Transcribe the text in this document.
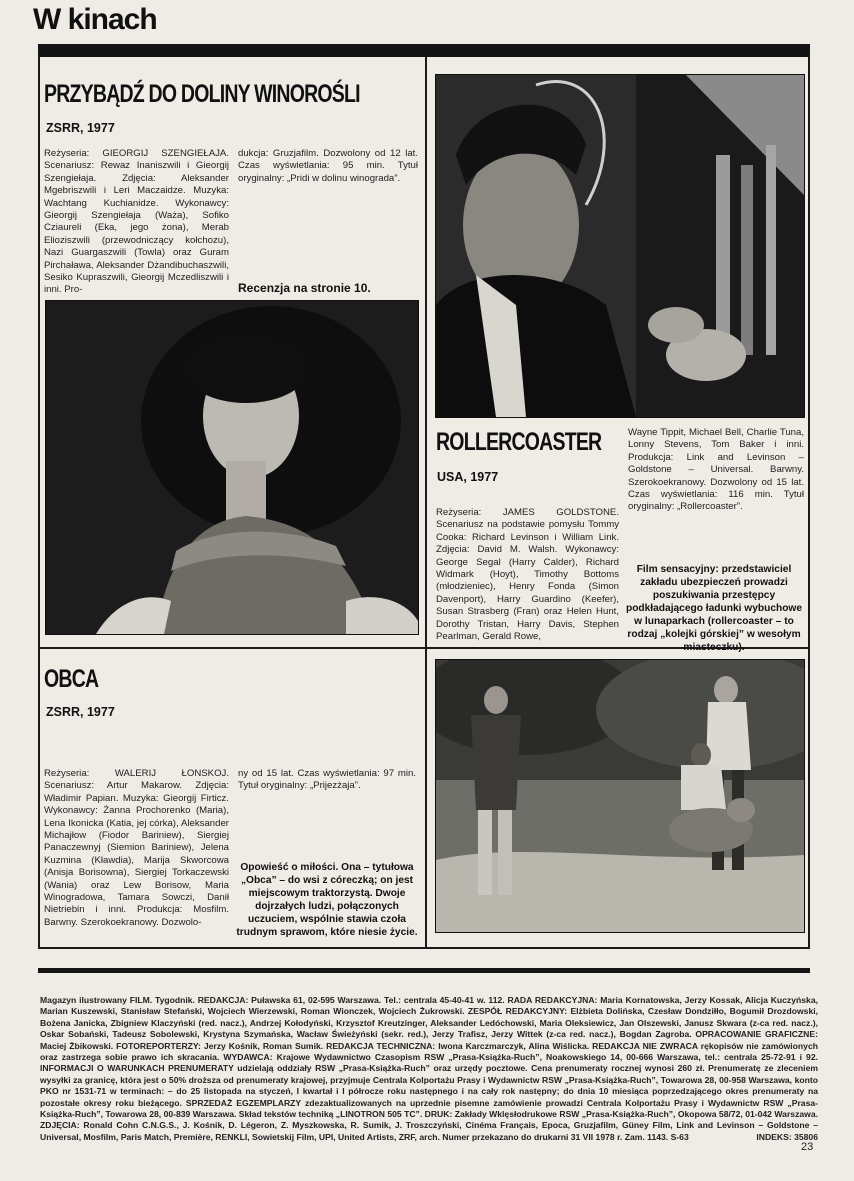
W kinach
PRZYBĄDŹ DO DOLINY WINOROŚLI
ZSRR, 1977
Reżyseria: GIEORGIJ SZENGIEŁAJA. Scenariusz: Rewaz Inaniszwili i Gieorgij Szengiełaja. Zdjęcia: Aleksander Mgebriszwili i Leri Maczaidze. Muzyka: Wachtang Kuchianidze. Wykonawcy: Gieorgij Szengiełaja (Waża), Sofiko Cziaureli (Eka, jego żona), Merab Elioziszwili (przewodniczący kołchozu), Nazi Guargaszwili (Towla) oraz Guram Pirchaława, Aleksander Dżandibuchaszwili, Sesiko Kupraszwili, Gieorgij Mczedliszwili i inni. Pro-
dukcja: Gruzjafilm. Dozwolony od 12 lat. Czas wyświetlania: 95 min. Tytuł oryginalny: „Pridi w dolinu winograda”.
Recenzja na stronie 10.
ROLLERCOASTER
USA, 1977
Reżyseria: JAMES GOLDSTONE. Scenariusz na podstawie pomysłu Tommy Cooka: Richard Levinson i William Link. Zdjęcia: David M. Walsh. Wykonawcy: George Segal (Harry Calder), Richard Widmark (Hoyt), Timothy Bottoms (młodzieniec), Henry Fonda (Simon Davenport), Harry Guardino (Keefer), Susan Strasberg (Fran) oraz Helen Hunt, Dorothy Tristan, Harry Davis, Stephen Pearlman, Gerald Rowe,
Wayne Tippit, Michael Bell, Charlie Tuna, Lonny Stevens, Tom Baker i inni. Produkcja: Link and Levinson – Goldstone – Universal. Barwny. Szerokoekranowy. Dozwolony od 15 lat. Czas wyświetlania: 116 min. Tytuł oryginalny: „Rollercoaster”.
Film sensacyjny: przedstawiciel zakładu ubezpieczeń prowadzi poszukiwania przestępcy podkładającego ładunki wybuchowe w lunaparkach (rollercoaster – to rodzaj „kolejki górskiej” w wesołym miasteczku).
OBCA
ZSRR, 1977
Reżyseria: WALERIJ ŁONSKOJ. Scenariusz: Artur Makarow. Zdjęcia: Władimir Papian. Muzyka: Gieorgij Firticz. Wykonawcy: Żanna Prochorenko (Maria), Lena Ikonicka (Katia, jej córka), Aleksander Michajłow (Fiodor Bariniew), Siergiej Panaczewnyj (Siemion Bariniew), Jelena Kuzmina (Kławdia), Marija Skworcowa (Anisja Borisowna), Siergiej Torkaczewski (Wania) oraz Lew Borisow, Maria Winogradowa, Tamara Sowczi, Danił Nietriebin i inni. Produkcja: Mosfilm. Barwny. Szerokoekranowy. Dozwolo-
ny od 15 lat. Czas wyświetlania: 97 min. Tytuł oryginalny: „Prijezżaja”.
Opowieść o miłości. Ona – tytułowa „Obca” – do wsi z córeczką; on jest miejscowym traktorzystą. Dwoje dojrzałych ludzi, połączonych uczuciem, wspólnie stawia czoła trudnym sprawom, które niesie życie.
Magazyn ilustrowany FILM. Tygodnik. REDAKCJA: Puławska 61, 02-595 Warszawa. Tel.: centrala 45-40-41 w. 112. RADA REDAKCYJNA: Maria Kornatowska, Jerzy Kossak, Alicja Kuczyńska, Marian Kuszewski, Stanisław Stefański, Wojciech Wierzewski, Roman Wionczek, Wojciech Żukrowski. ZESPÓŁ REDAKCYJNY: Elżbieta Dolińska, Czesław Dondziłło, Bogumił Drozdowski, Bożena Janicka, Zbigniew Klaczyński (red. nacz.), Andrzej Kołodyński, Krzysztof Kreutzinger, Aleksander Ledóchowski, Maria Oleksiewicz, Jan Olszewski, Janusz Skwara (z-ca red. nacz.), Oskar Sobański, Tadeusz Sobolewski, Krystyna Szymańska, Wacław Świeżyński (sekr. red.), Jerzy Trafisz, Jerzy Wittek (z-ca red. nacz.), Bogdan Zagroba. OPRACOWANIE GRAFICZNE: Maciej Żbikowski. FOTOREPORTERZY: Jerzy Kośnik, Roman Sumik. REDAKCJA TECHNICZNA: Iwona Karczmarczyk, Alina Wiślicka. REDAKCJA NIE ZWRACA rękopisów nie zamówionych oraz zastrzega sobie prawo ich skracania. WYDAWCA: Krajowe Wydawnictwo Czasopism RSW „Prasa-Książka-Ruch”, Noakowskiego 14, 00-666 Warszawa, tel.: centrala 25-72-91 i 92. INFORMACJI O WARUNKACH PRENUMERATY udzielają oddziały RSW „Prasa-Książka-Ruch” oraz urzędy pocztowe. Cena prenumeraty rocznej wynosi 260 zł. Prenumeratę ze zleceniem wysyłki za granicę, która jest o 50% droższa od prenumeraty krajowej, przyjmuje Centrala Kolportażu Prasy i Wydawnictw RSW „Prasa-Książka-Ruch”, Towarowa 28, 00-958 Warszawa, konto PKO nr 1531-71 w terminach: – do 25 listopada na styczeń, I kwartał i I półrocze roku następnego i na cały rok następny; do dnia 10 miesiąca poprzedzającego okres prenumeraty na pozostałe okresy roku bieżącego. SPRZEDAŻ EGZEMPLARZY zdezaktualizowanych na uprzednie pisemne zamówienie prowadzi Centrala Kolportażu Prasy i Wydawnictw RSW „Prasa-Książka-Ruch”, Towarowa 28, 00-839 Warszawa. Skład tekstów techniką „LINOTRON 505 TC”. DRUK: Zakłady Wklęsłodrukowe RSW „Prasa-Książka-Ruch”, Okopowa 58/72, 01-042 Warszawa. ZDJĘCIA: Ronald Cohn C.N.G.S., J. Kośnik, D. Légeron, Z. Myszkowska, R. Sumik, J. Troszczyński, Cinéma Français, Epoca, Gruzjafilm, Güney Film, Link and Levinson – Goldstone – Universal, Mosfilm, Paris Match, Première, RENKLI, Sowietskij Film, UPI, United Artists, ZRF, arch. Numer przekazano do drukarni 31 VII 1978 r. Zam. 1143. S-63	INDEKS: 35806
23
